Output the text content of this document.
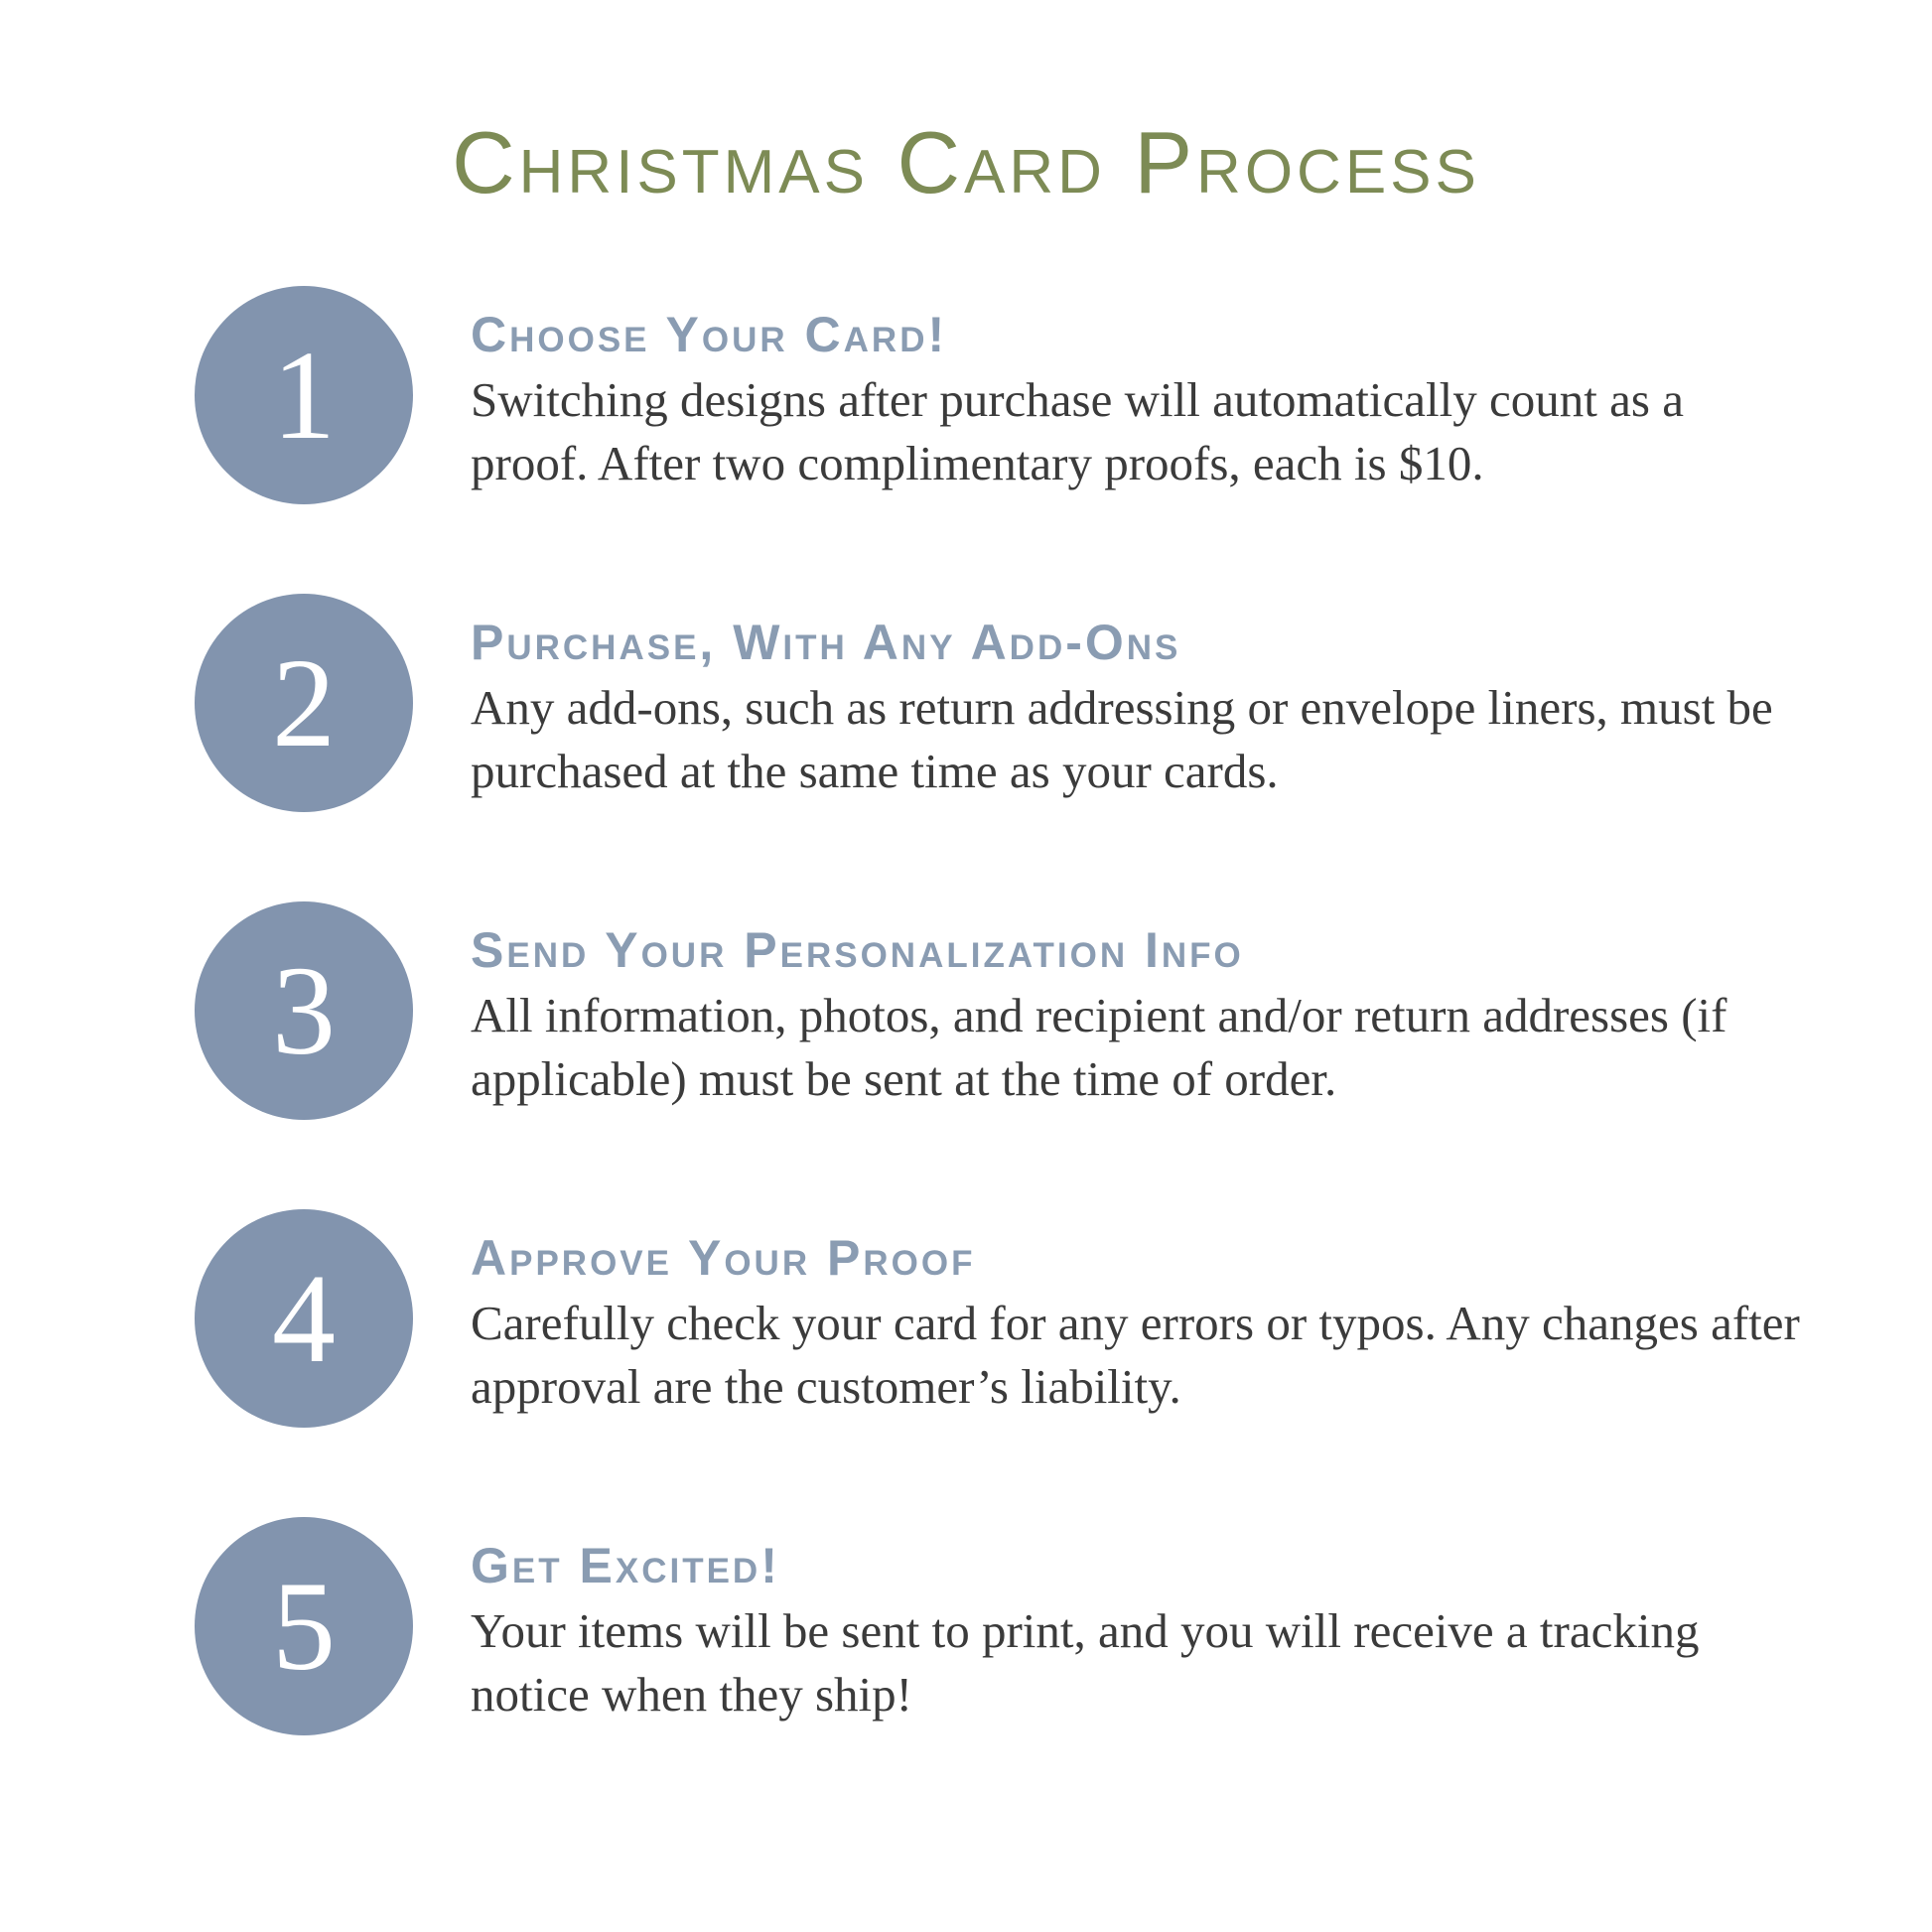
Christmas Card Process
1	Choose Your Card!

Switching designs after purchase will automatically count as a proof. After two complimentary proofs, each is $10.

2	Purchase, With Any Add-Ons

Any add-ons, such as return addressing or envelope liners, must be purchased at the same time as your cards.

3	Send Your Personalization Info

All information, photos, and recipient and/or return addresses (if applicable) must be sent at the time of order.

4	Approve Your Proof

Carefully check your card for any errors or typos. Any changes after approval are the customer’s liability.

5	Get Excited!

Your items will be sent to print, and you will receive a tracking notice when they ship!
